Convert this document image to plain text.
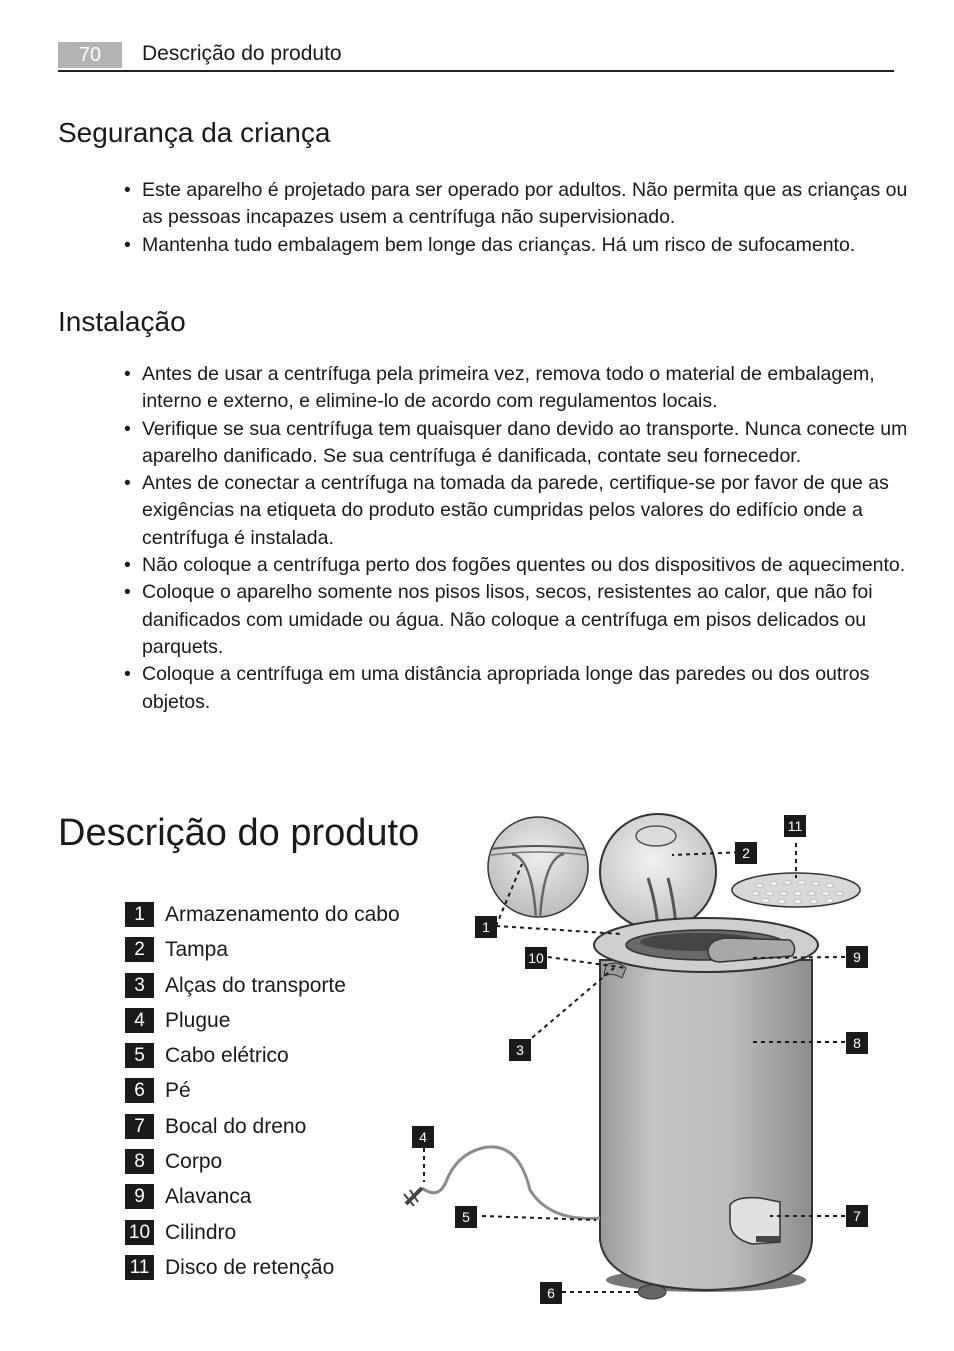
70	Descrição do produto
Segurança da criança
• Este aparelho é projetado para ser operado por adultos. Não permita que as crianças ou as pessoas incapazes usem a centrífuga não supervisionado.
• Mantenha tudo embalagem bem longe das crianças. Há um risco de sufocamento.
Instalação
• Antes de usar a centrífuga pela primeira vez, remova todo o material de embalagem, interno e externo, e elimine-lo de acordo com regulamentos locais.
• Verifique se sua centrífuga tem quaisquer dano devido ao transporte. Nunca conecte um aparelho danificado. Se sua centrífuga é danificada, contate seu fornecedor.
• Antes de conectar a centrífuga na tomada da parede, certifique-se por favor de que as exigências na etiqueta do produto estão cumpridas pelos valores do edifício onde a centrífuga é instalada.
• Não coloque a centrífuga perto dos fogões quentes ou dos dispositivos de aquecimento.
• Coloque o aparelho somente nos pisos lisos, secos, resistentes ao calor, que não foi danificados com umidade ou água. Não coloque a centrífuga em pisos delicados ou parquets.
• Coloque a centrífuga em uma distância apropriada longe das paredes ou dos outros objetos.
Descrição do produto
1 Armazenamento do cabo
2 Tampa
3 Alças do transporte
4 Plugue
5 Cabo elétrico
6 Pé
7 Bocal do dreno
8 Corpo
9 Alavanca
10 Cilindro
11 Disco de retenção
1
2
3
4
5
6
7
8
9
10
11
